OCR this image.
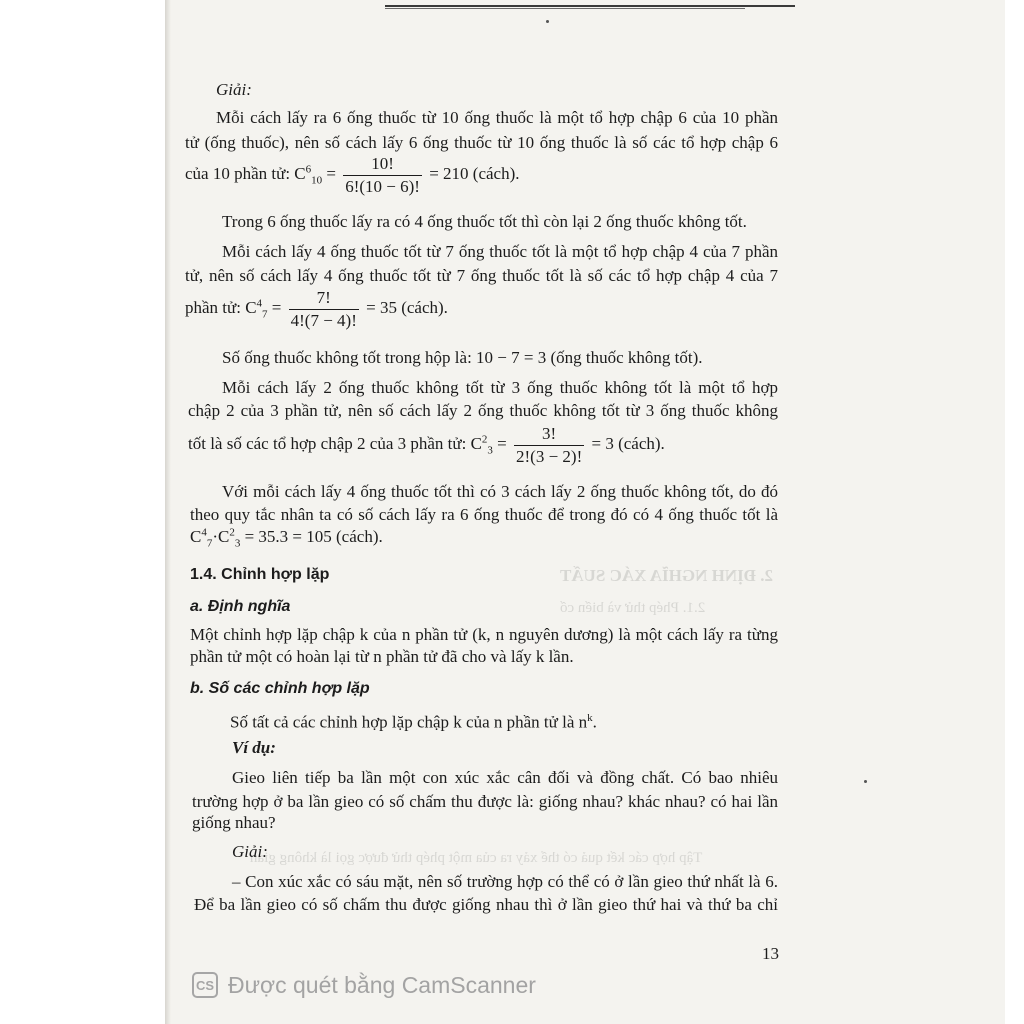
2. ĐỊNH NGHĨA XÁC SUẤT
2.1. Phép thử và biến cố
Tập hợp các kết quả có thể xảy ra của một phép thử được gọi là không gian
Giải:
Mỗi cách lấy ra 6 ống thuốc từ 10 ống thuốc là một tổ hợp chập 6 của 10 phần
tử (ống thuốc), nên số cách lấy 6 ống thuốc từ 10 ống thuốc là số các tổ hợp chập 6
của 10 phần tử: $C^6_{10} = \frac{10!}{6!(10 - 6)!} = 210$ (cách).
Trong 6 ống thuốc lấy ra có 4 ống thuốc tốt thì còn lại 2 ống thuốc không tốt.
Mỗi cách lấy 4 ống thuốc tốt từ 7 ống thuốc tốt là một tổ hợp chập 4 của 7 phần
tử, nên số cách lấy 4 ống thuốc tốt từ 7 ống thuốc tốt là số các tổ hợp chập 4 của 7
phần tử: $C^4_7 = \frac{7!}{4!(7 - 4)!} = 35$ (cách).
Số ống thuốc không tốt trong hộp là: 10 − 7 = 3 (ống thuốc không tốt).
Mỗi cách lấy 2 ống thuốc không tốt từ 3 ống thuốc không tốt là một tổ hợp
chập 2 của 3 phần tử, nên số cách lấy 2 ống thuốc không tốt từ 3 ống thuốc không
tốt là số các tổ hợp chập 2 của 3 phần tử: $C^2_3 = \frac{3!}{2!(3 - 2)!} = 3$ (cách).
Với mỗi cách lấy 4 ống thuốc tốt thì có 3 cách lấy 2 ống thuốc không tốt, do đó
theo quy tắc nhân ta có số cách lấy ra 6 ống thuốc để trong đó có 4 ống thuốc tốt là
$C^4_7\cdot C^2_3 = 35.3 = 105$ (cách).
1.4. Chỉnh hợp lặp
a. Định nghĩa
Một chỉnh hợp lặp chập k của n phần tử (k, n nguyên dương) là một cách lấy ra từng
phần tử một có hoàn lại từ n phần tử đã cho và lấy k lần.
b. Số các chỉnh hợp lặp
Số tất cả các chỉnh hợp lặp chập k của n phần tử là $n^k$.
Ví dụ:
Gieo liên tiếp ba lần một con xúc xắc cân đối và đồng chất. Có bao nhiêu
trường hợp ở ba lần gieo có số chấm thu được là: giống nhau? khác nhau? có hai lần
giống nhau?
Giải:
– Con xúc xắc có sáu mặt, nên số trường hợp có thể có ở lần gieo thứ nhất là 6.
Để ba lần gieo có số chấm thu được giống nhau thì ở lần gieo thứ hai và thứ ba chỉ
13
CS Được quét bằng CamScanner
